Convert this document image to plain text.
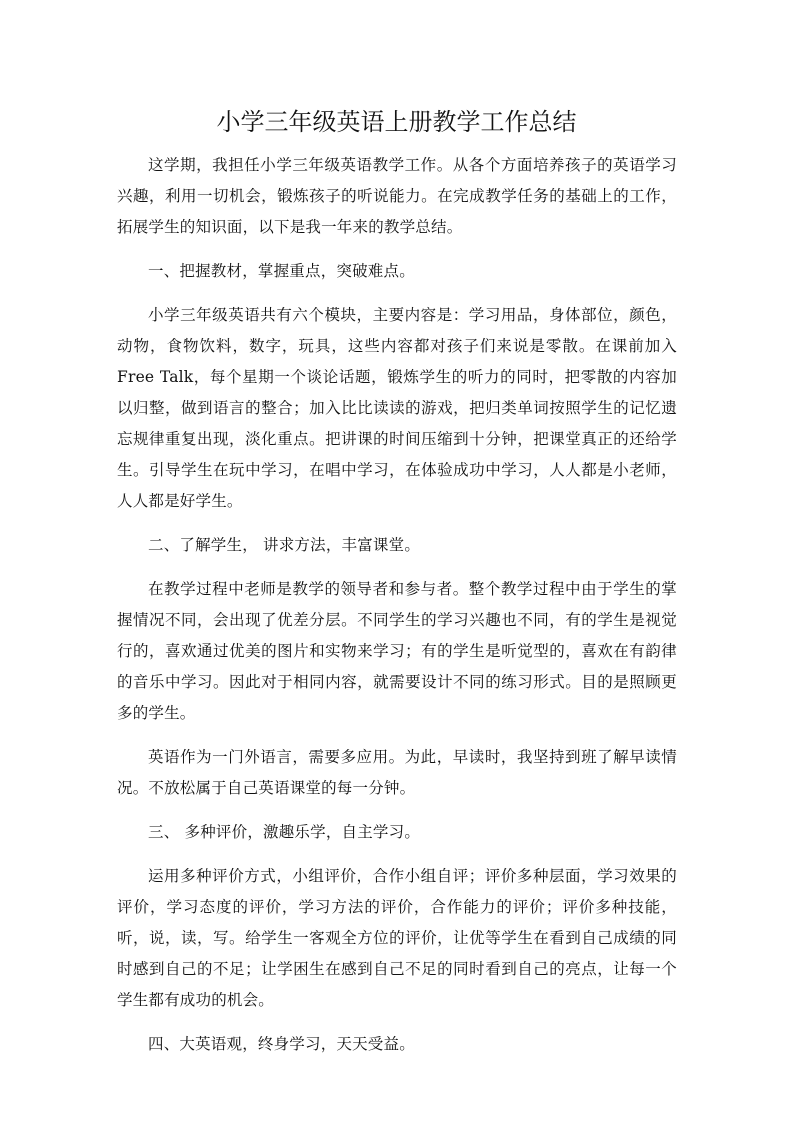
小学三年级英语上册教学工作总结

这学期，我担任小学三年级英语教学工作。从各个方面培养孩子的英语学习兴趣，利用一切机会，锻炼孩子的听说能力。在完成教学任务的基础上的工作，拓展学生的知识面，以下是我一年来的教学总结。

一、把握教材，掌握重点，突破难点。

小学三年级英语共有六个模块，主要内容是：学习用品，身体部位，颜色，动物，食物饮料，数字，玩具，这些内容都对孩子们来说是零散。在课前加入Free Talk，每个星期一个谈论话题，锻炼学生的听力的同时，把零散的内容加以归整，做到语言的整合；加入比比读读的游戏，把归类单词按照学生的记忆遗忘规律重复出现，淡化重点。把讲课的时间压缩到十分钟，把课堂真正的还给学生。引导学生在玩中学习，在唱中学习，在体验成功中学习，人人都是小老师，人人都是好学生。

二、了解学生， 讲求方法，丰富课堂。

在教学过程中老师是教学的领导者和参与者。整个教学过程中由于学生的掌握情况不同，会出现了优差分层。不同学生的学习兴趣也不同，有的学生是视觉行的，喜欢通过优美的图片和实物来学习；有的学生是听觉型的，喜欢在有韵律的音乐中学习。因此对于相同内容，就需要设计不同的练习形式。目的是照顾更多的学生。

英语作为一门外语言，需要多应用。为此，早读时，我坚持到班了解早读情况。不放松属于自己英语课堂的每一分钟。

三、 多种评价，激趣乐学，自主学习。

运用多种评价方式，小组评价，合作小组自评；评价多种层面，学习效果的评价，学习态度的评价，学习方法的评价，合作能力的评价；评价多种技能，听，说，读，写。给学生一客观全方位的评价，让优等学生在看到自己成绩的同时感到自己的不足；让学困生在感到自己不足的同时看到自己的亮点，让每一个学生都有成功的机会。

四、大英语观，终身学习，天天受益。
